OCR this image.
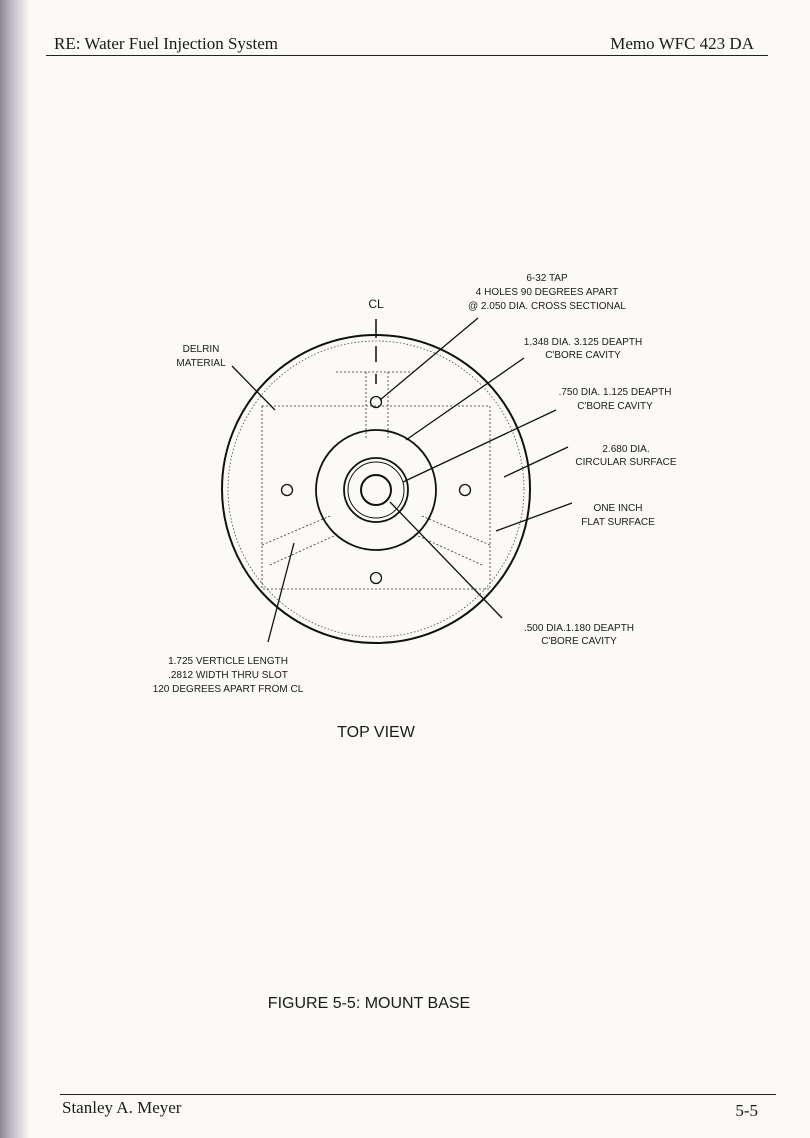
RE: Water Fuel Injection System	Memo WFC 423 DA
CL
6-32 TAP
4 HOLES 90 DEGREES APART
@ 2.050 DIA. CROSS SECTIONAL
DELRIN
MATERIAL
1.348 DIA. 3.125 DEAPTH
C'BORE CAVITY
.750 DIA. 1.125 DEAPTH
C'BORE CAVITY
2.680 DIA.
CIRCULAR SURFACE
ONE INCH
FLAT SURFACE
.500 DIA.1.180 DEAPTH
C'BORE CAVITY
1.725 VERTICLE LENGTH
.2812 WIDTH THRU SLOT
120 DEGREES APART FROM CL
TOP VIEW
FIGURE 5-5: MOUNT BASE
Stanley A. Meyer	5-5
